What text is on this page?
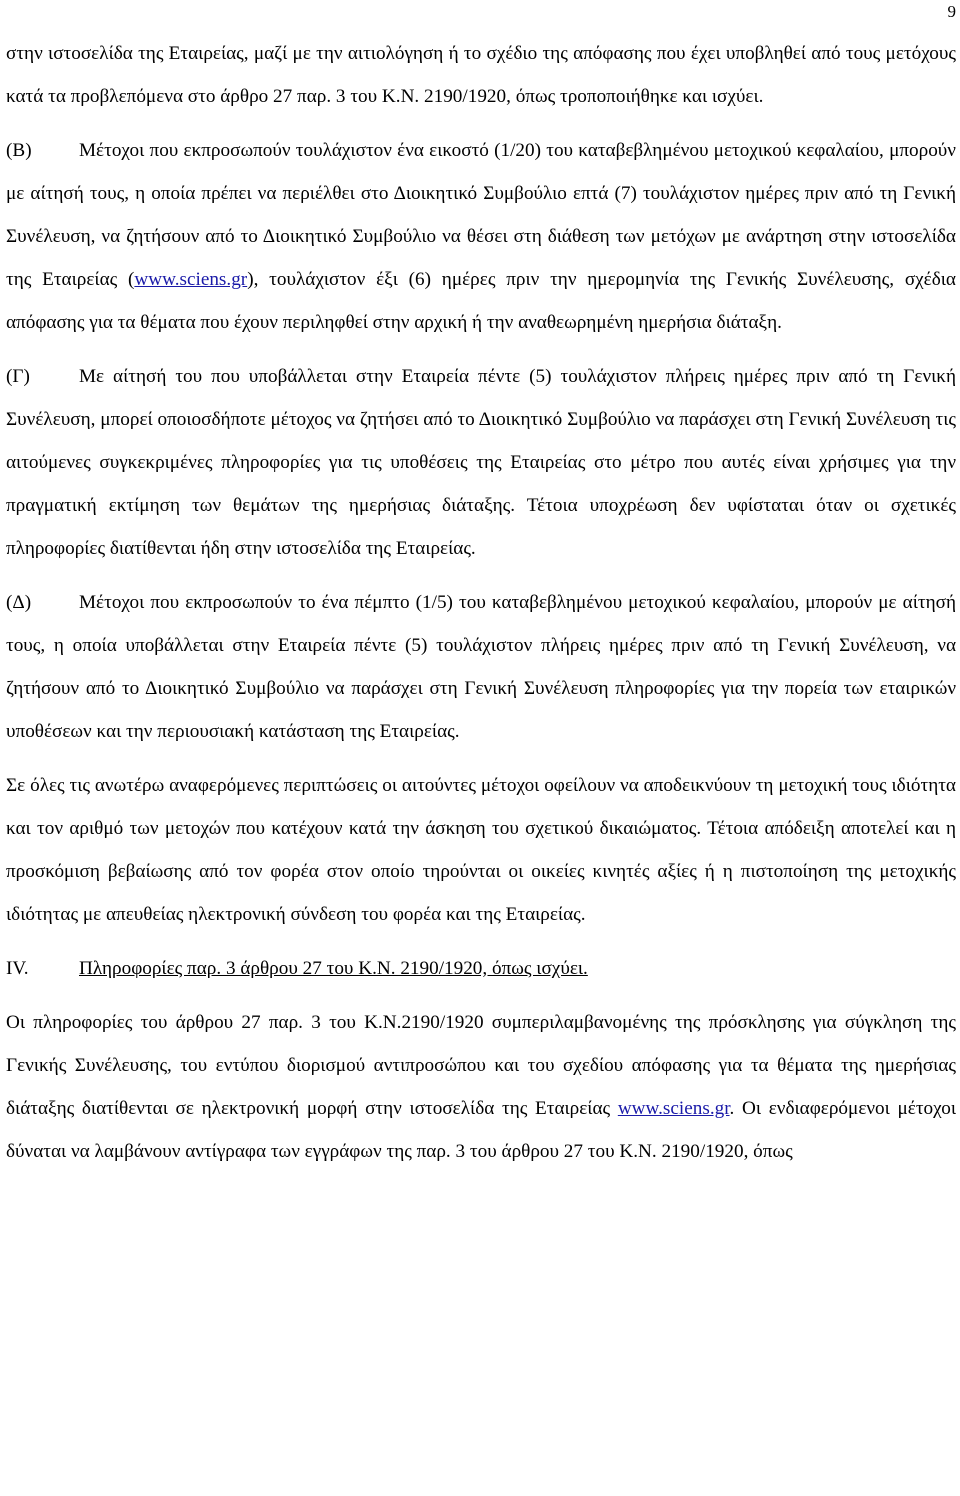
9

στην ιστοσελίδα της Εταιρείας, μαζί με την αιτιολόγηση ή το σχέδιο της απόφασης που έχει υποβληθεί από τους μετόχους κατά τα προβλεπόμενα στο άρθρο 27 παρ. 3 του Κ.Ν. 2190/1920, όπως τροποποιήθηκε και ισχύει.

(Β) Μέτοχοι που εκπροσωπούν τουλάχιστον ένα εικοστό (1/20) του καταβεβλημένου μετοχικού κεφαλαίου, μπορούν με αίτησή τους, η οποία πρέπει να περιέλθει στο Διοικητικό Συμβούλιο επτά (7) τουλάχιστον ημέρες πριν από τη Γενική Συνέλευση, να ζητήσουν από το Διοικητικό Συμβούλιο να θέσει στη διάθεση των μετόχων με ανάρτηση στην ιστοσελίδα της Εταιρείας (www.sciens.gr), τουλάχιστον έξι (6) ημέρες πριν την ημερομηνία της Γενικής Συνέλευσης, σχέδια απόφασης για τα θέματα που έχουν περιληφθεί στην αρχική ή την αναθεωρημένη ημερήσια διάταξη.

(Γ)	Με αίτησή του που υποβάλλεται στην Εταιρεία πέντε (5) τουλάχιστον πλήρεις ημέρες πριν από τη Γενική Συνέλευση, μπορεί οποιοσδήποτε μέτοχος να ζητήσει από το Διοικητικό Συμβούλιο να παράσχει στη Γενική Συνέλευση τις αιτούμενες συγκεκριμένες πληροφορίες για τις υποθέσεις της Εταιρείας στο μέτρο που αυτές είναι χρήσιμες για την πραγματική εκτίμηση των θεμάτων της ημερήσιας διάταξης. Τέτοια υποχρέωση δεν υφίσταται όταν οι σχετικές πληροφορίες διατίθενται ήδη στην ιστοσελίδα της Εταιρείας.

(Δ) Μέτοχοι που εκπροσωπούν το ένα πέμπτο (1/5) του καταβεβλημένου μετοχικού κεφαλαίου, μπορούν με αίτησή τους, η οποία υποβάλλεται στην Εταιρεία πέντε (5) τουλάχιστον πλήρεις ημέρες πριν από τη Γενική Συνέλευση, να ζητήσουν από το Διοικητικό Συμβούλιο να παράσχει στη Γενική Συνέλευση πληροφορίες για την πορεία των εταιρικών υποθέσεων και την περιουσιακή κατάσταση της Εταιρείας.

Σε όλες τις ανωτέρω αναφερόμενες περιπτώσεις οι αιτούντες μέτοχοι οφείλουν να αποδεικνύουν τη μετοχική τους ιδιότητα και τον αριθμό των μετοχών που κατέχουν κατά την άσκηση του σχετικού δικαιώματος. Τέτοια απόδειξη αποτελεί και η προσκόμιση βεβαίωσης από τον φορέα στον οποίο τηρούνται οι οικείες κινητές αξίες ή η πιστοποίηση της μετοχικής ιδιότητας με απευθείας ηλεκτρονική σύνδεση του φορέα και της Εταιρείας.

IV.	Πληροφορίες παρ. 3 άρθρου 27 του Κ.Ν. 2190/1920, όπως ισχύει.

Οι πληροφορίες του άρθρου 27 παρ. 3 του Κ.Ν.2190/1920 συμπεριλαμβανομένης της πρόσκλησης για σύγκληση της Γενικής Συνέλευσης, του εντύπου διορισμού αντιπροσώπου και του σχεδίου απόφασης για τα θέματα της ημερήσιας διάταξης διατίθενται σε ηλεκτρονική μορφή στην ιστοσελίδα της Εταιρείας www.sciens.gr. Οι ενδιαφερόμενοι μέτοχοι δύναται να λαμβάνουν αντίγραφα των εγγράφων της παρ. 3 του άρθρου 27 του Κ.Ν. 2190/1920, όπως
